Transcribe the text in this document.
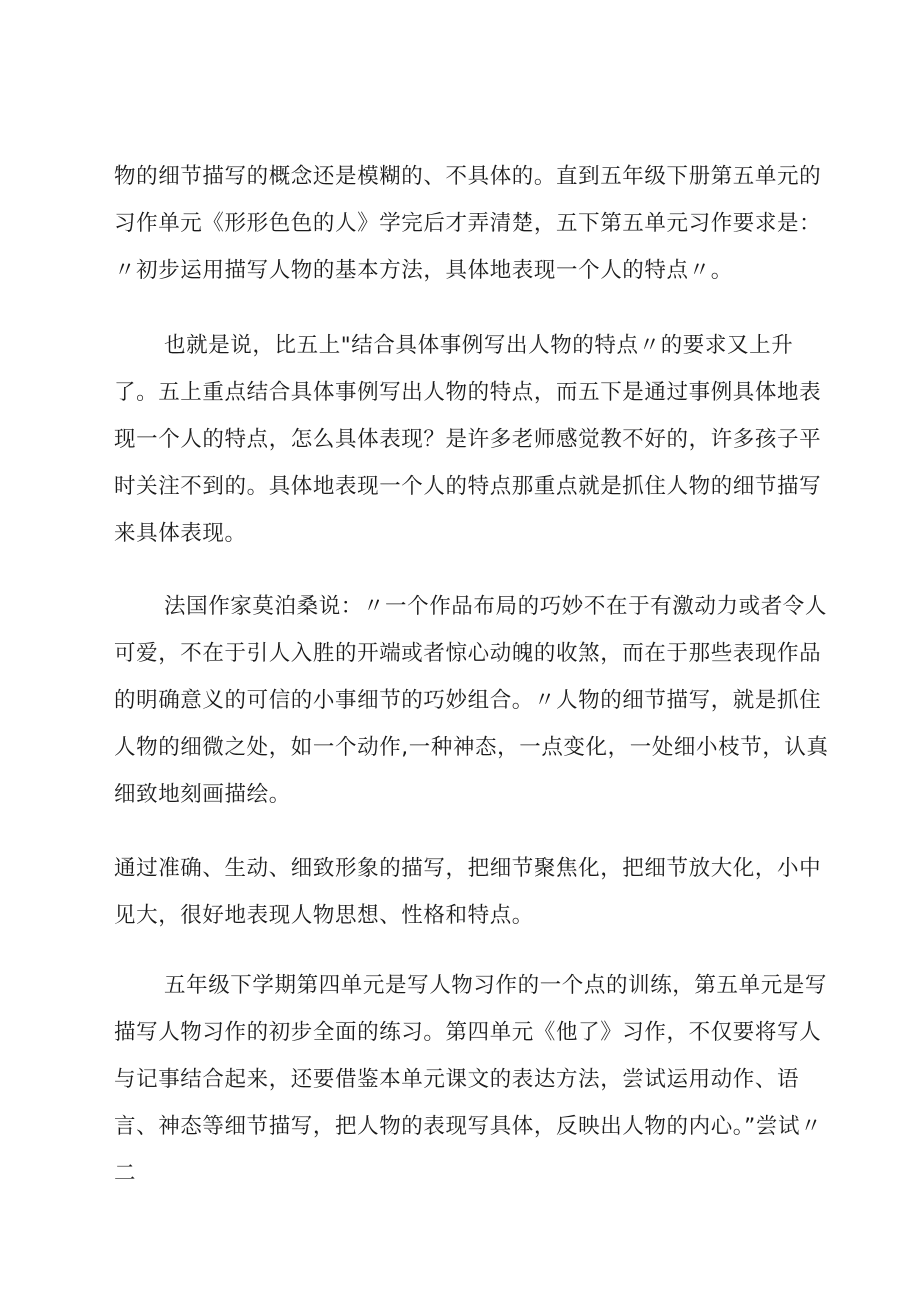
物的细节描写的概念还是模糊的、不具体的。直到五年级下册第五单元的习作单元《形形色色的人》学完后才弄清楚，五下第五单元习作要求是：〃初步运用描写人物的基本方法，具体地表现一个人的特点〃。

也就是说，比五上"结合具体事例写出人物的特点〃的要求又上升了。五上重点结合具体事例写出人物的特点，而五下是通过事例具体地表现一个人的特点，怎么具体表现？是许多老师感觉教不好的，许多孩子平时关注不到的。具体地表现一个人的特点那重点就是抓住人物的细节描写来具体表现。

法国作家莫泊桑说：〃一个作品布局的巧妙不在于有激动力或者令人可爱，不在于引人入胜的开端或者惊心动魄的收煞，而在于那些表现作品的明确意义的可信的小事细节的巧妙组合。〃人物的细节描写，就是抓住人物的细微之处，如一个动作,一种神态，一点变化，一处细小枝节，认真细致地刻画描绘。

通过准确、生动、细致形象的描写，把细节聚焦化，把细节放大化，小中见大，很好地表现人物思想、性格和特点。

五年级下学期第四单元是写人物习作的一个点的训练，第五单元是写描写人物习作的初步全面的练习。第四单元《他了》习作，不仅要将写人与记事结合起来，还要借鉴本单元课文的表达方法，尝试运用动作、语言、神态等细节描写，把人物的表现写具体，反映出人物的内心。”尝试〃二
